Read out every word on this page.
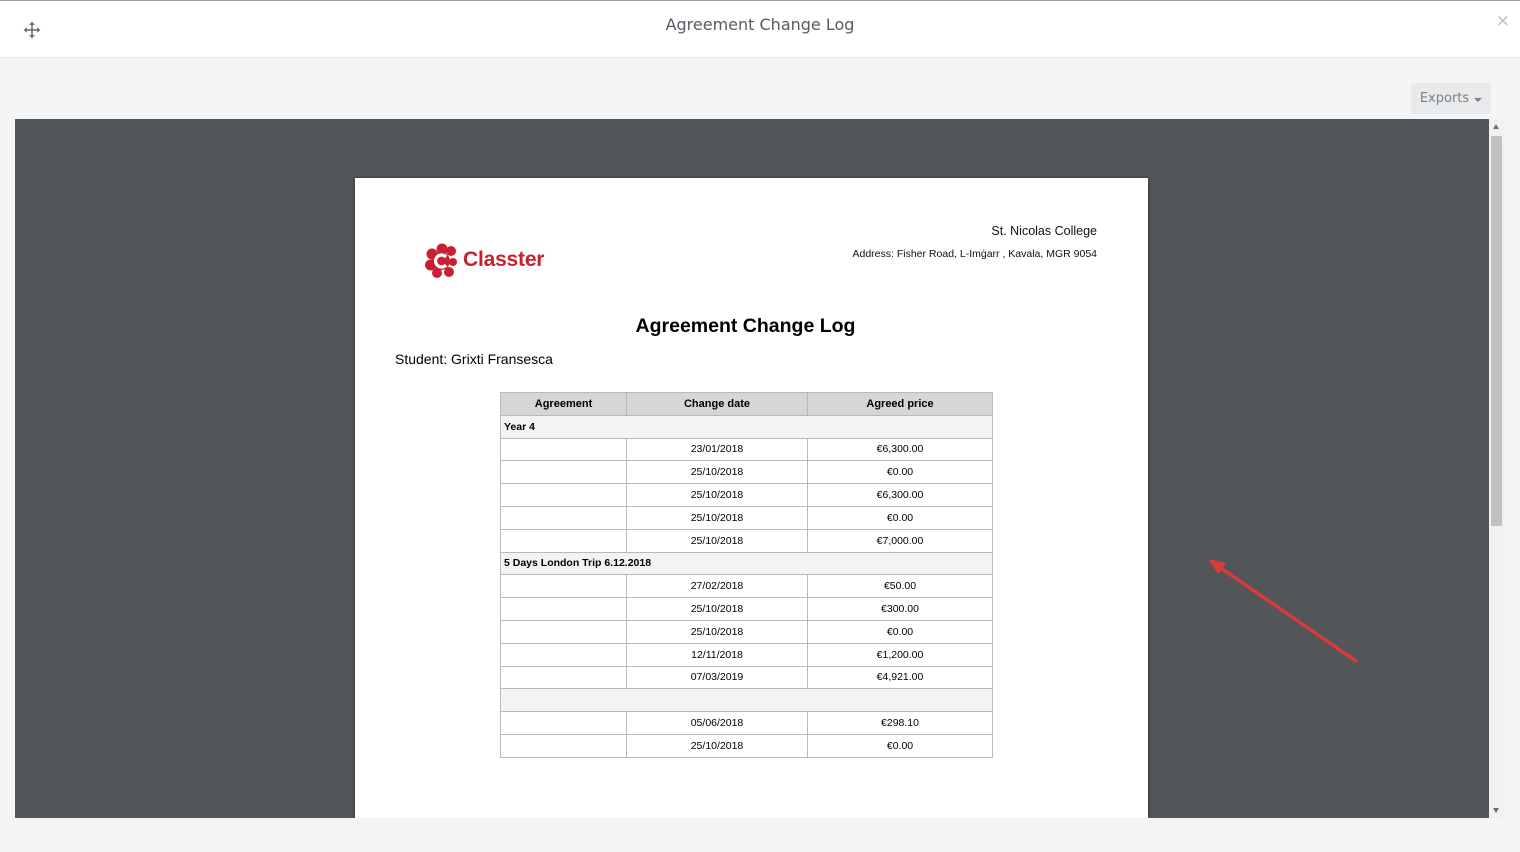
Agreement Change Log	×
Exports
Classter
St. Nicolas College
Address: Fisher Road, L-Imġarr , Kavala, MGR 9054
Agreement Change Log
Student: Grixti Fransesca
Agreement	Change date	Agreed price
Year 4		
	23/01/2018	€6,300.00
	25/10/2018	€0.00
	25/10/2018	€6,300.00
	25/10/2018	€0.00
	25/10/2018	€7,000.00
5 Days London Trip 6.12.2018		
	27/02/2018	€50.00
	25/10/2018	€300.00
	25/10/2018	€0.00
	12/11/2018	€1,200.00
	07/03/2019	€4,921.00

	05/06/2018	€298.10
	25/10/2018	€0.00
